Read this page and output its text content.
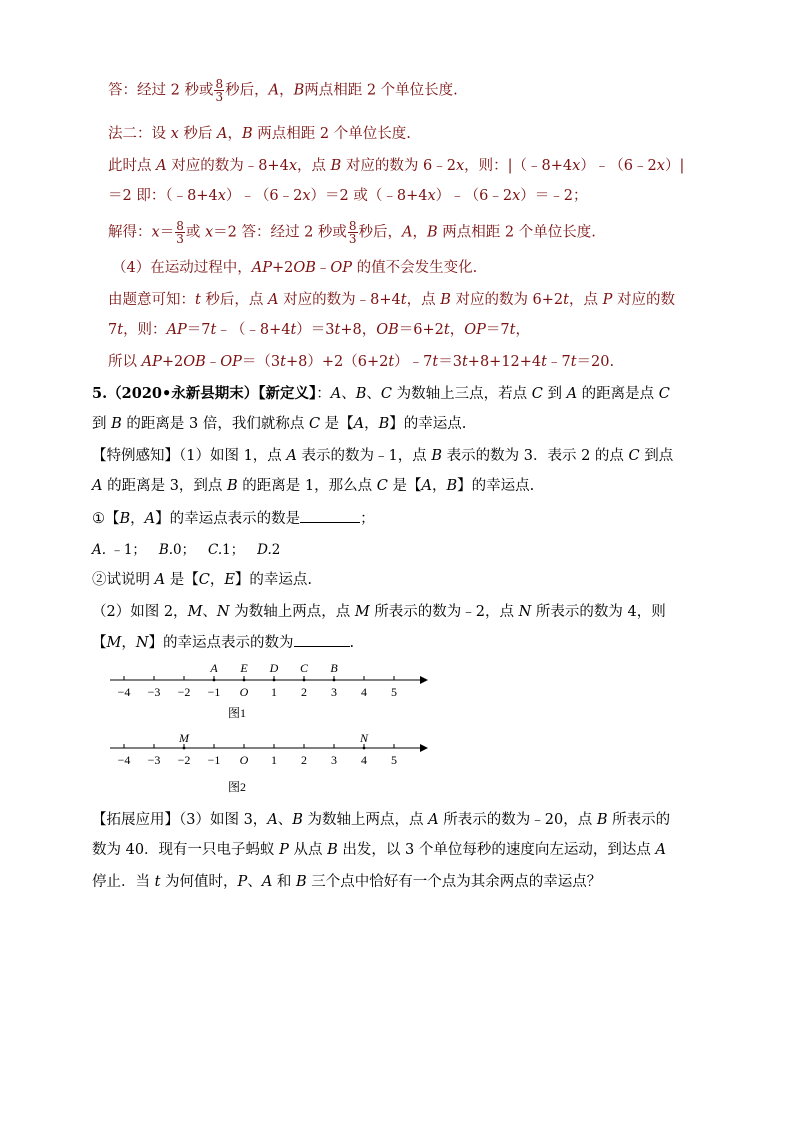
答：经过 2 秒或 $\frac{8}{3}$ 秒后，A，B两点相距 2 个单位长度.
法二：设 x 秒后 A，B 两点相距 2 个单位长度.
此时点 A 对应的数为﹣8+4x，点 B 对应的数为 6﹣2x，则：|（﹣8+4x）﹣（6﹣2x）|
＝2 即：（﹣8+4x）﹣（6﹣2x）＝2 或（﹣8+4x）﹣（6﹣2x）＝﹣2；
解得：$x= \frac{8}{3}$ 或 x＝2 答：经过 2 秒或 $\frac{8}{3}$ 秒后，A，B 两点相距 2 个单位长度.
（4）在运动过程中，AP+2OB﹣OP 的值不会发生变化.
由题意可知：t 秒后，点 A 对应的数为﹣8+4t，点 B 对应的数为 6+2t，点 P 对应的数
7t，则：AP＝7t﹣（﹣8+4t）＝3t+8，OB＝6+2t，OP＝7t，
所以 AP+2OB﹣OP＝（3t+8）+2（6+2t）﹣7t＝3t+8+12+4t﹣7t＝20.
5.（2020•永新县期末）【新定义】：A、B、C 为数轴上三点，若点 C 到 A 的距离是点 C
到 B 的距离是 3 倍，我们就称点 C 是【A，B】的幸运点.
【特例感知】（1）如图 1，点 A 表示的数为﹣1，点 B 表示的数为 3．表示 2 的点 C 到点
A 的距离是 3，到点 B 的距离是 1，那么点 C 是【A，B】的幸运点.
①【B，A】的幸运点表示的数是	；
A. ﹣1； B.0； C.1； D.2
②试说明 A 是【C，E】的幸运点.
（2）如图 2，M、N 为数轴上两点，点 M 所表示的数为﹣2，点 N 所表示的数为 4，则
【M，N】的幸运点表示的数为	.
−4 −3 −2 −1 O 1 2 3 4 5
A E D C B
图1
−4 −3 −2 −1 O 1 2 3 4 5
M	N
图2
【拓展应用】（3）如图 3，A、B 为数轴上两点，点 A 所表示的数为﹣20，点 B 所表示的
数为 40．现有一只电子蚂蚁 P 从点 B 出发，以 3 个单位每秒的速度向左运动，到达点 A
停止．当 t 为何值时，P、A 和 B 三个点中恰好有一个点为其余两点的幸运点？
